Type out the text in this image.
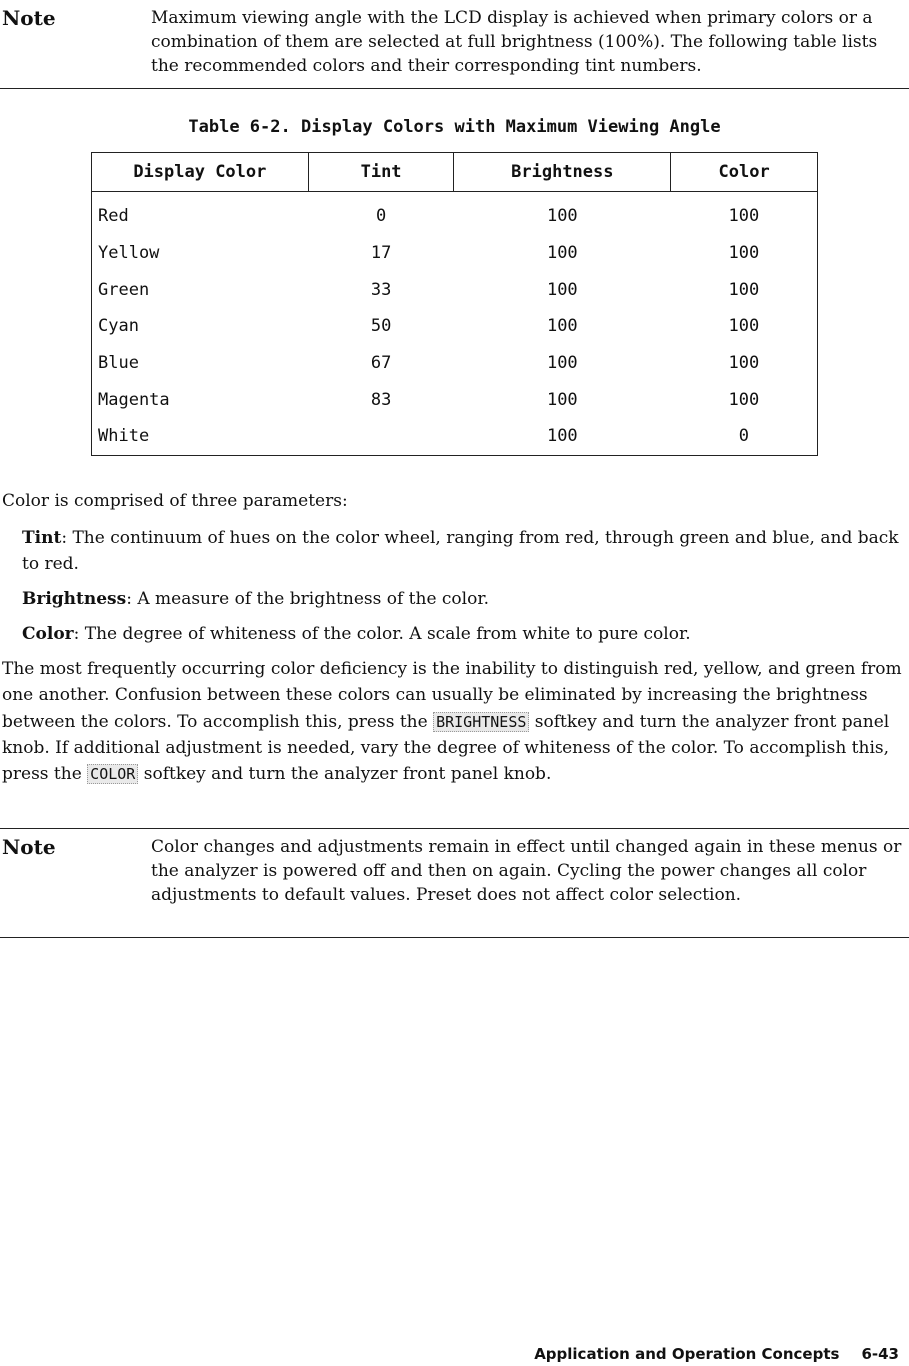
Note	Maximum viewing angle with the LCD display is achieved when primary colors or a combination of them are selected at full brightness (100%). The following table lists the recommended colors and their corresponding tint numbers.
Table 6-2. Display Colors with Maximum Viewing Angle
Display Color	Tint	Brightness	Color
Red	0	100	100
Yellow	17	100	100
Green	33	100	100
Cyan	50	100	100
Blue	67	100	100
Magenta	83	100	100
White		100	0
Color is comprised of three parameters:
Tint: The continuum of hues on the color wheel, ranging from red, through green and blue, and back to red.
Brightness: A measure of the brightness of the color.
Color: The degree of whiteness of the color. A scale from white to pure color.
The most frequently occurring color deficiency is the inability to distinguish red, yellow, and green from one another. Confusion between these colors can usually be eliminated by increasing the brightness between the colors. To accomplish this, press the BRIGHTNESS softkey and turn the analyzer front panel knob. If additional adjustment is needed, vary the degree of whiteness of the color. To accomplish this, press the COLOR softkey and turn the analyzer front panel knob.
Note	Color changes and adjustments remain in effect until changed again in these menus or the analyzer is powered off and then on again. Cycling the power changes all color adjustments to default values. Preset does not affect color selection.
Application and Operation Concepts 6-43
